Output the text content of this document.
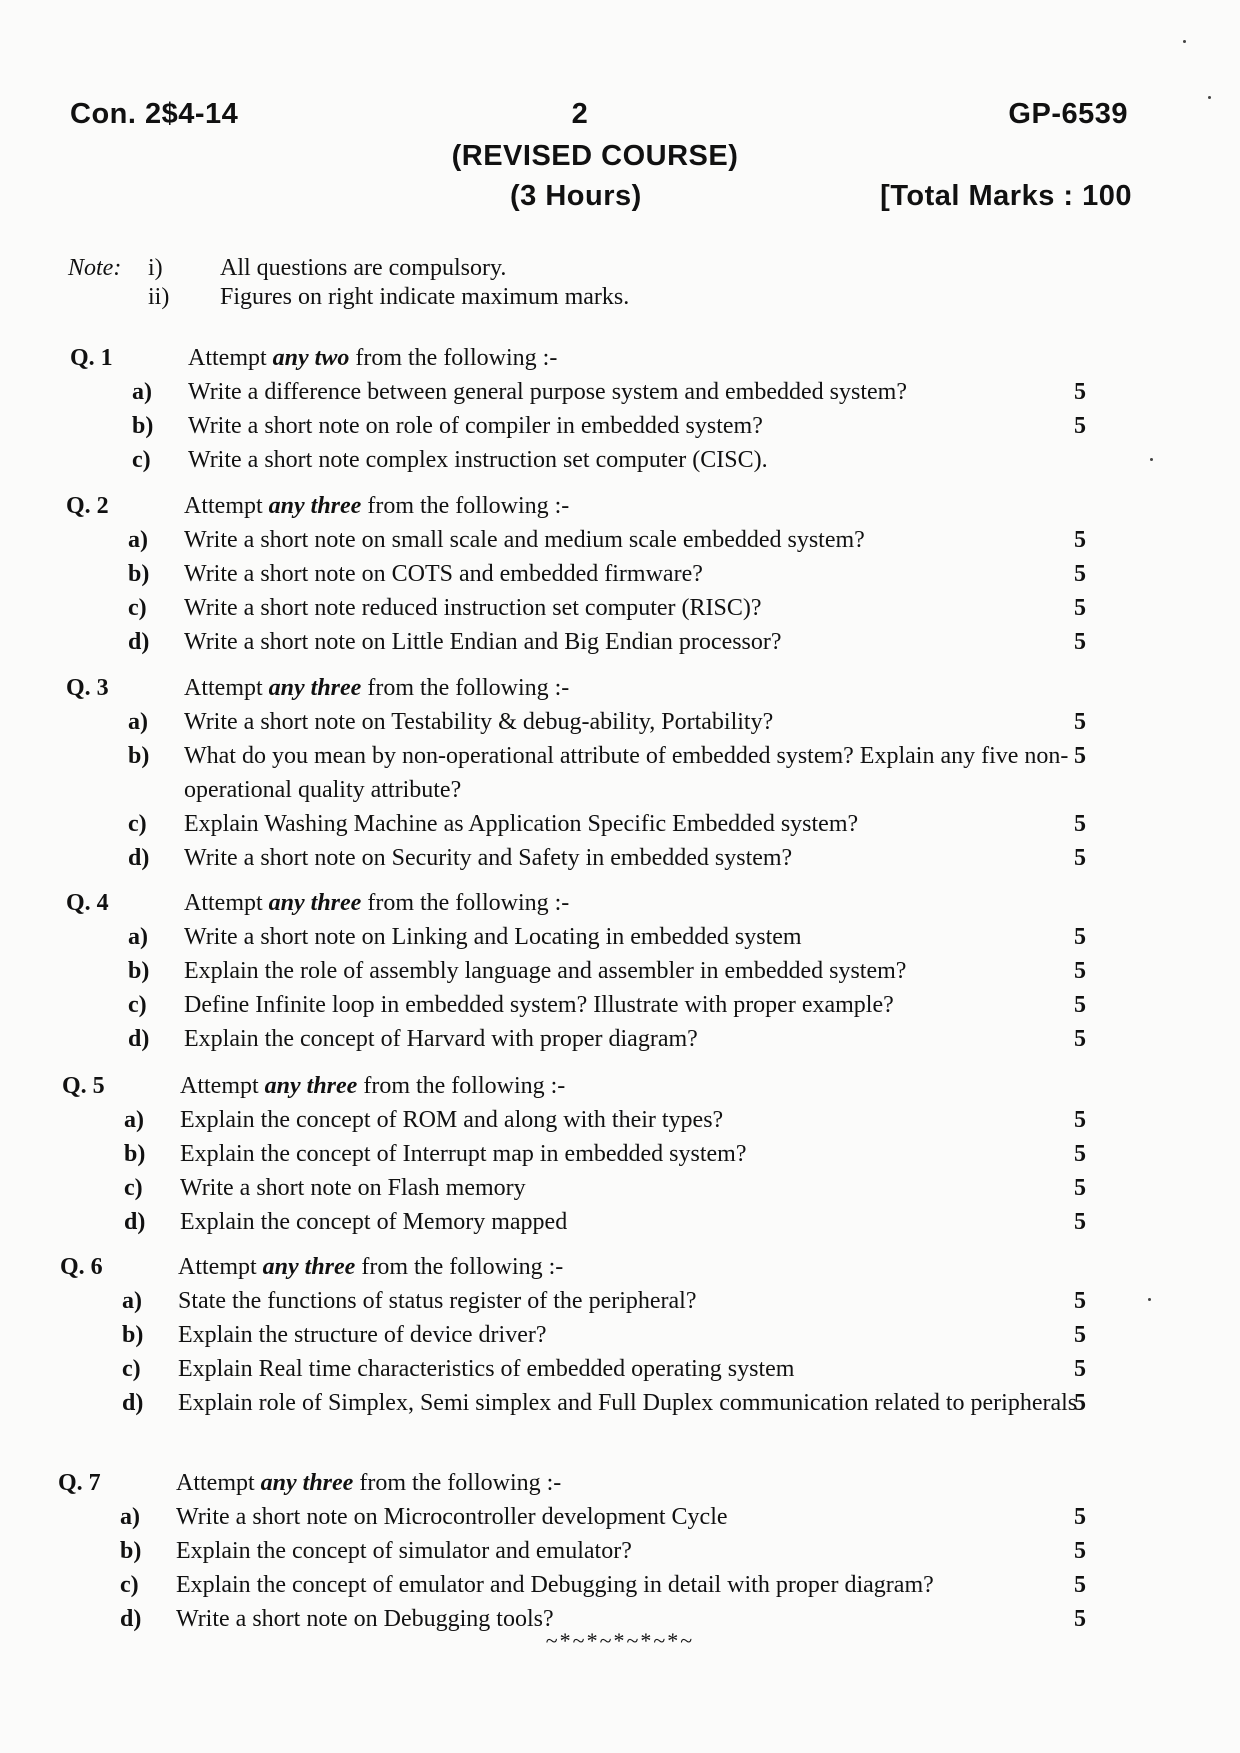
Con. 2$4-14	2	GP-6539
(REVISED COURSE)
(3 Hours)	[Total Marks : 100
Note: i) All questions are compulsory.
ii) Figures on right indicate maximum marks.
Q. 1	Attempt any two from the following :-
a) Write a difference between general purpose system and embedded system?	5
b) Write a short note on role of compiler in embedded system?	5
c) Write a short note complex instruction set computer (CISC).
Q. 2	Attempt any three from the following :-
a) Write a short note on small scale and medium scale embedded system?	5
b) Write a short note on COTS and embedded firmware?	5
c) Write a short note reduced instruction set computer (RISC)?	5
d) Write a short note on Little Endian and Big Endian processor?	5
Q. 3	Attempt any three from the following :-
a) Write a short note on Testability & debug-ability, Portability?	5
b) What do you mean by non-operational attribute of embedded system? Explain any five non-operational quality attribute?
5
c) Explain Washing Machine as Application Specific Embedded system?	5
d) Write a short note on Security and Safety in embedded system?	5
Q. 4	Attempt any three from the following :-
a) Write a short note on Linking and Locating in embedded system	5
b) Explain the role of assembly language and assembler in embedded system?	5
c) Define Infinite loop in embedded system? Illustrate with proper example?	5
d) Explain the concept of Harvard with proper diagram?	5
Q. 5	Attempt any three from the following :-
a) Explain the concept of ROM and along with their types?	5
b) Explain the concept of Interrupt map in embedded system?	5
c) Write a short note on Flash memory	5
d) Explain the concept of Memory mapped	5
Q. 6	Attempt any three from the following :-
a) State the functions of status register of the peripheral?	5
b) Explain the structure of device driver?	5
c) Explain Real time characteristics of embedded operating system	5
d) Explain role of Simplex, Semi simplex and Full Duplex communication related to peripherals
5
Q. 7	Attempt any three from the following :-
a) Write a short note on Microcontroller development Cycle	5
b) Explain the concept of simulator and emulator?	5
c) Explain the concept of emulator and Debugging in detail with proper diagram?	5
d) Write a short note on Debugging tools?	5
~*~*~*~*~*~
